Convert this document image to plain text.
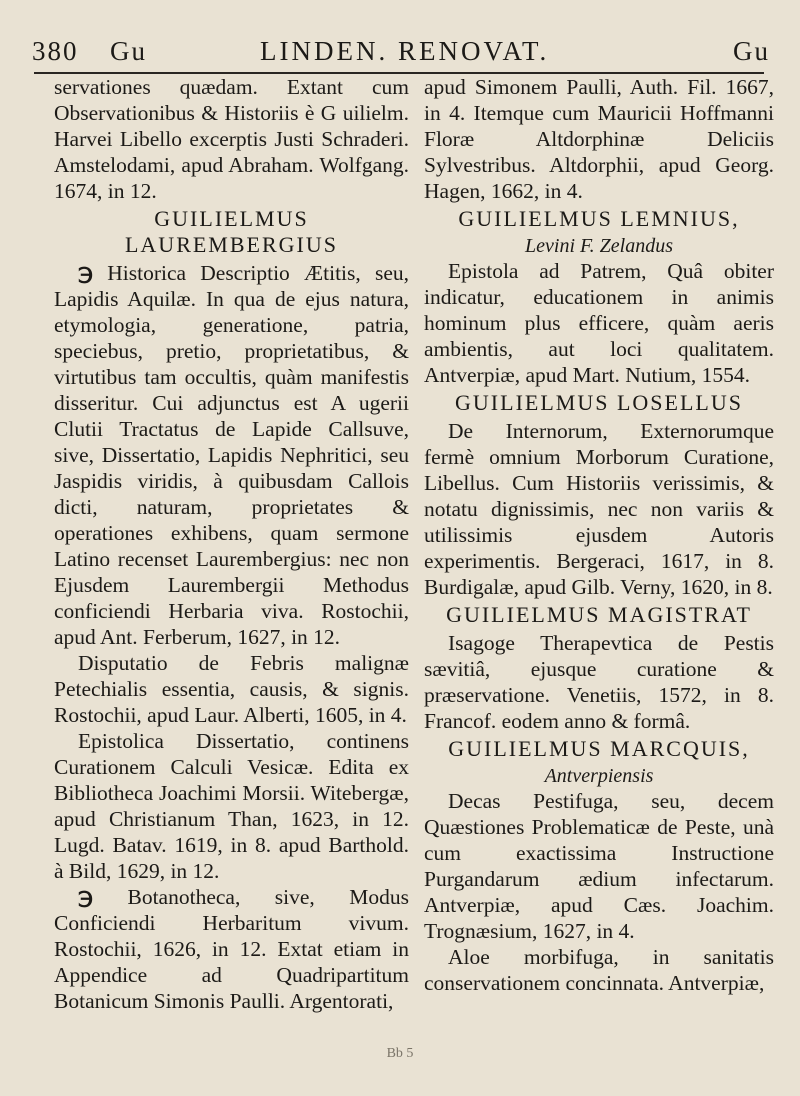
380 Gu	LINDEN. RENOVAT.	Gu

servationes quædam. Extant cum Observationibus & Historiis è G uilielm. Harvei Libello excerptis Justi Schraderi. Amstelodami, apud Abraham. Wolfgang. 1674, in 12.

GUILIELMUS LAUREMBERGIUS

℈ Historica Descriptio Ætitis, seu, Lapidis Aquilæ. In qua de ejus natura, etymologia, generatione, patria, speciebus, pretio, proprietatibus, & virtutibus tam occultis, quàm manifestis disseritur. Cui adjunctus est A ugerii Clutii Tractatus de Lapide Callsuve, sive, Dissertatio, Lapidis Nephritici, seu Jaspidis viridis, à quibusdam Callois dicti, naturam, proprietates & operationes exhibens, quam sermone Latino recenset Laurembergius: nec non Ejusdem Laurembergii Methodus conficiendi Herbaria viva. Rostochii, apud Ant. Ferberum, 1627, in 12.

Disputatio de Febris malignæ Petechialis essentia, causis, & signis. Rostochii, apud Laur. Alberti, 1605, in 4.

Epistolica Dissertatio, continens Curationem Calculi Vesicæ. Edita ex Bibliotheca Joachimi Morsii. Witebergæ, apud Christianum Than, 1623, in 12. Lugd. Batav. 1619, in 8. apud Barthold. à Bild, 1629, in 12.

℈ Botanotheca, sive, Modus Conficiendi Herbaritum vivum. Rostochii, 1626, in 12. Extat etiam in Appendice ad Quadripartitum Botanicum Simonis Paulli. Argentorati,

apud Simonem Paulli, Auth. Fil. 1667, in 4. Itemque cum Mauricii Hoffmanni Floræ Altdorphinæ Deliciis Sylvestribus. Altdorphii, apud Georg. Hagen, 1662, in 4.

GUILIELMUS LEMNIUS,
Levini F. Zelandus

Epistola ad Patrem, Quâ obiter indicatur, educationem in animis hominum plus efficere, quàm aeris ambientis, aut loci qualitatem. Antverpiæ, apud Mart. Nutium, 1554.

GUILIELMUS LOSELLUS

De Internorum, Externorumque fermè omnium Morborum Curatione, Libellus. Cum Historiis verissimis, & notatu dignissimis, nec non variis & utilissimis ejusdem Autoris experimentis. Bergeraci, 1617, in 8. Burdigalæ, apud Gilb. Verny, 1620, in 8.

GUILIELMUS MAGISTRAT

Isagoge Therapevtica de Pestis sævitiâ, ejusque curatione & præservatione. Venetiis, 1572, in 8. Francof. eodem anno & formâ.

GUILIELMUS MARCQUIS,
Antverpiensis

Decas Pestifuga, seu, decem Quæstiones Problematicæ de Peste, unà cum exactissima Instructione Purgandarum ædium infectarum. Antverpiæ, apud Cæs. Joachim. Trognæsium, 1627, in 4.

Aloe morbifuga, in sanitatis conservationem concinnata. Antverpiæ,

Bb 5
